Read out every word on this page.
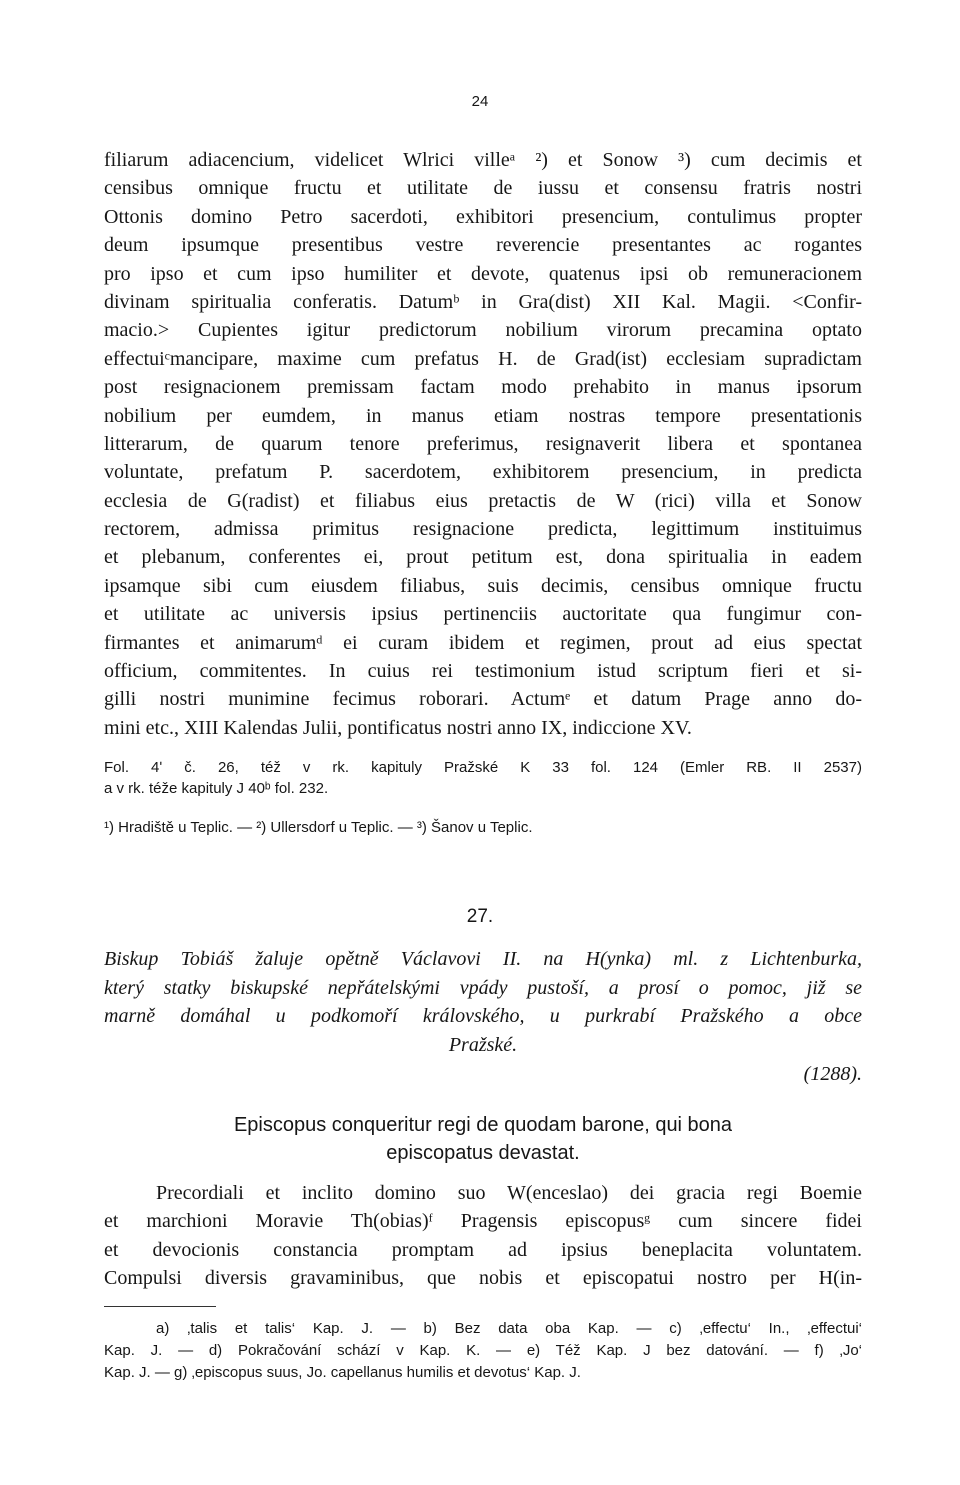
24
filiarum adiacencium, videlicet Wlrici villeᵃ ²) et Sonow ³) cum decimis et
censibus omnique fructu et utilitate de iussu et consensu fratris nostri
Ottonis domino Petro sacerdoti, exhibitori presencium, contulimus propter
deum ipsumque presentibus vestre reverencie presentantes ac rogantes
pro ipso et cum ipso humiliter et devote, quatenus ipsi ob remuneracionem
divinam spiritualia conferatis. Datumᵇ in Gra(dist) XII Kal. Magii. <Confir-
macio.> Cupientes igitur predictorum nobilium virorum precamina optato
effectuiᶜmancipare, maxime cum prefatus H. de Grad(ist) ecclesiam supradictam
post resignacionem premissam factam modo prehabito in manus ipsorum
nobilium per eumdem, in manus etiam nostras tempore presentationis
litterarum, de quarum tenore preferimus, resignaverit libera et spontanea
voluntate, prefatum P. sacerdotem, exhibitorem presencium, in predicta
ecclesia de G(radist) et filiabus eius pretactis de W (rici) villa et Sonow
rectorem, admissa primitus resignacione predicta, legittimum instituimus
et plebanum, conferentes ei, prout petitum est, dona spiritualia in eadem
ipsamque sibi cum eiusdem filiabus, suis decimis, censibus omnique fructu
et utilitate ac universis ipsius pertinenciis auctoritate qua fungimur con-
firmantes et animarumᵈ ei curam ibidem et regimen, prout ad eius spectat
officium, commitentes. In cuius rei testimonium istud scriptum fieri et si-
gilli nostri munimine fecimus roborari. Actumᵉ et datum Prage anno do-
mini etc., XIII Kalendas Julii, pontificatus nostri anno IX, indiccione XV.
Fol. 4ʹ č. 26, též v rk. kapituly Pražské K 33 fol. 124 (Emler RB. II 2537)
a v rk. téže kapituly J 40ᵇ fol. 232.
¹) Hradiště u Teplic. — ²) Ullersdorf u Teplic. — ³) Šanov u Teplic.
27.
Biskup Tobiáš žaluje opětně Václavovi II. na H(ynka) ml. z Lichtenburka,
který statky biskupské nepřátelskými vpády pustoší, a prosí o pomoc, již se
marně domáhal u podkomoří královského, u purkrabí Pražského a obce
Pražské.
(1288).
Episcopus conqueritur regi de quodam barone, qui bona
episcopatus devastat.
Precordiali et inclito domino suo W(enceslao) dei gracia regi Boemie
et marchioni Moravie Th(obias)ᶠ Pragensis episcopusᵍ cum sincere fidei
et devocionis constancia promptam ad ipsius beneplacita voluntatem.
Compulsi diversis gravaminibus, que nobis et episcopatui nostro per H(in-
a) ‚talis et talis‘ Kap. J. — b) Bez data oba Kap. — c) ‚effectu‘ In., ‚effectui‘
Kap. J. — d) Pokračování schází v Kap. K. — e) Též Kap. J bez datování. — f) ‚Jo‘
Kap. J. — g) ‚episcopus suus, Jo. capellanus humilis et devotus‘ Kap. J.
